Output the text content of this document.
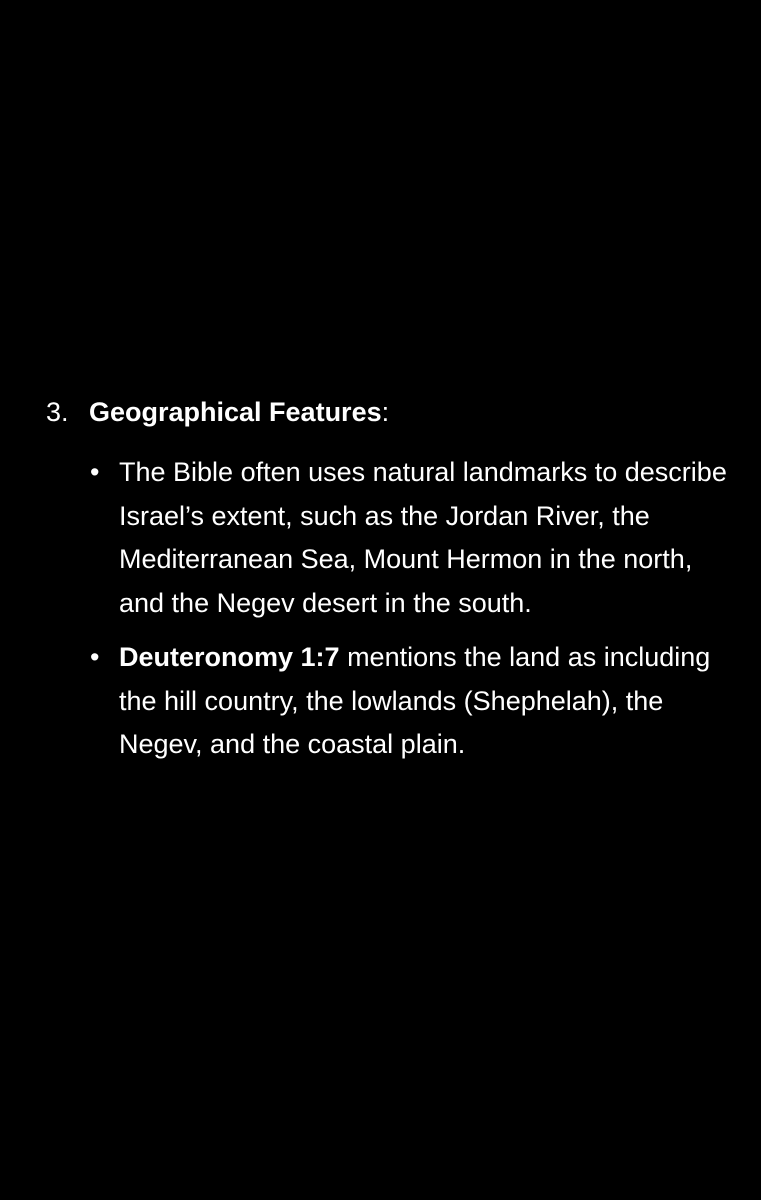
3. Geographical Features:
• The Bible often uses natural landmarks to describe Israel’s extent, such as the Jordan River, the Mediterranean Sea, Mount Hermon in the north, and the Negev desert in the south.
• Deuteronomy 1:7 mentions the land as including the hill country, the lowlands (Shephelah), the Negev, and the coastal plain.
